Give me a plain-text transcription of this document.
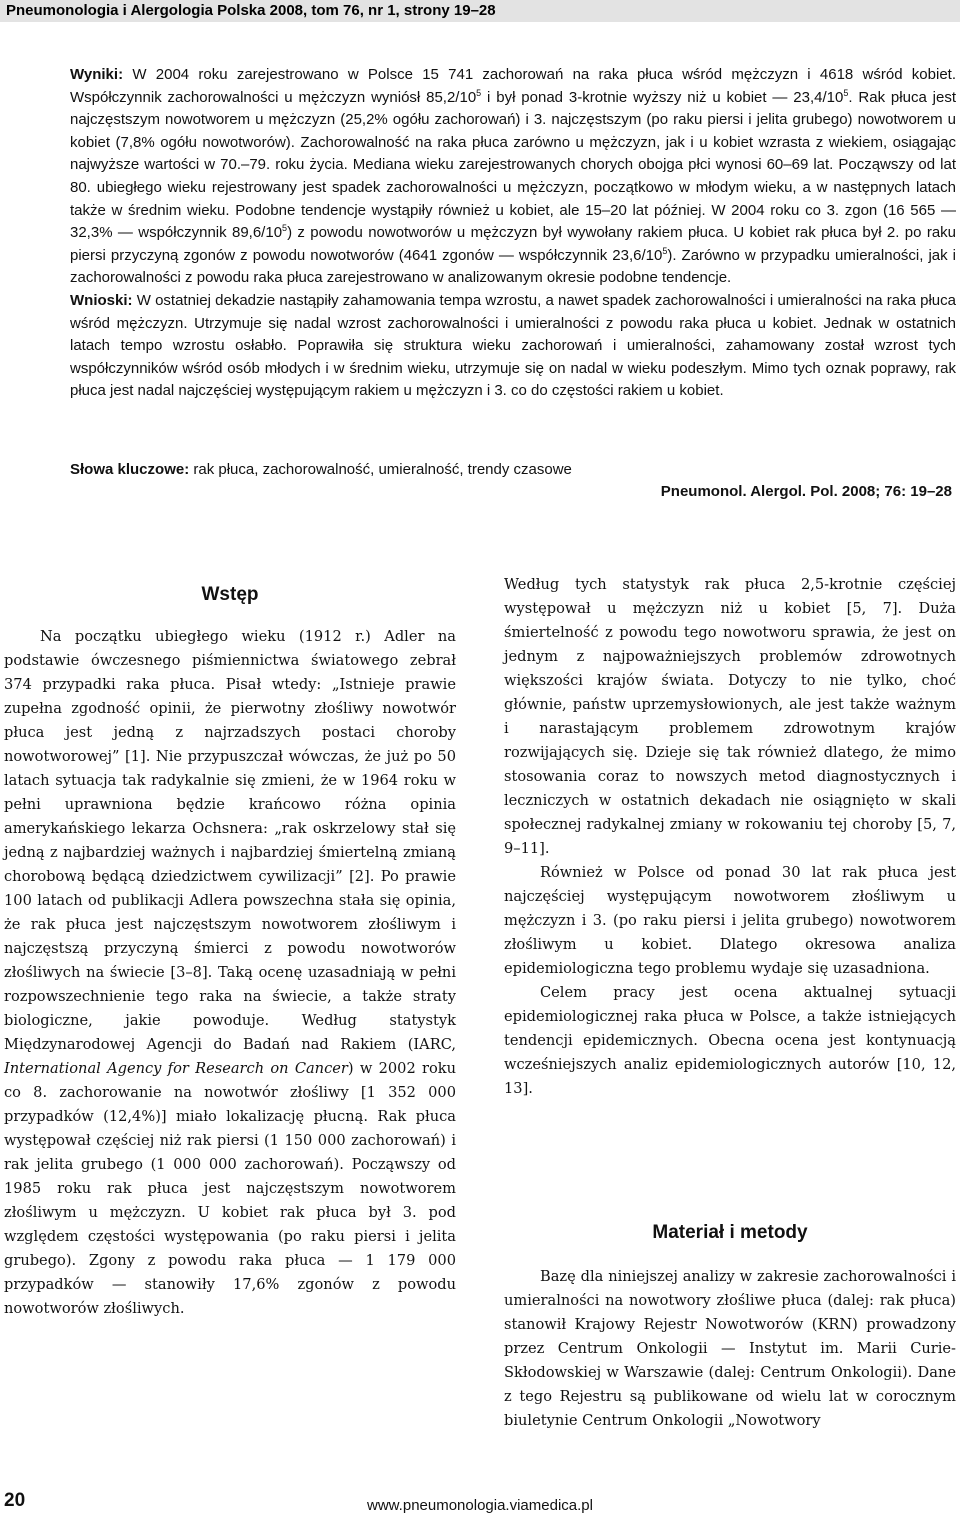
Pneumonologia i Alergologia Polska 2008, tom 76, nr 1, strony 19–28

Wyniki: W 2004 roku zarejestrowano w Polsce 15 741 zachorowań na raka płuca wśród mężczyzn i 4618 wśród kobiet. Współczynnik zachorowalności u mężczyzn wyniósł $85,2/10^5$ i był ponad 3-krotnie wyższy niż u kobiet — $23,4/10^5$. Rak płuca jest najczęstszym nowotworem u mężczyzn (25,2% ogółu zachorowań) i 3. najczęstszym (po raku piersi i jelita grubego) nowotworem u kobiet (7,8% ogółu nowotworów). Zachorowalność na raka płuca zarówno u mężczyzn, jak i u kobiet wzrasta z wiekiem, osiągając najwyższe wartości w 70.–79. roku życia. Mediana wieku zarejestrowanych chorych obojga płci wynosi 60–69 lat. Począwszy od lat 80. ubiegłego wieku rejestrowany jest spadek zachorowalności u mężczyzn, początkowo w młodym wieku, a w następnych latach także w średnim wieku. Podobne tendencje wystąpiły również u kobiet, ale 15–20 lat później. W 2004 roku co 3. zgon (16 565 — 32,3% — współczynnik $89,6/10^5$) z powodu nowotworów u mężczyzn był wywołany rakiem płuca. U kobiet rak płuca był 2. po raku piersi przyczyną zgonów z powodu nowotworów (4641 zgonów — współczynnik $23,6/10^5$). Zarówno w przypadku umieralności, jak i zachorowalności z powodu raka płuca zarejestrowano w analizowanym okresie podobne tendencje.

Wnioski: W ostatniej dekadzie nastąpiły zahamowania tempa wzrostu, a nawet spadek zachorowalności i umieralności na raka płuca wśród mężczyzn. Utrzymuje się nadal wzrost zachorowalności i umieralności z powodu raka płuca u kobiet. Jednak w ostatnich latach tempo wzrostu osłabło. Poprawiła się struktura wieku zachorowań i umieralności, zahamowany został wzrost tych współczynników wśród osób młodych i w średnim wieku, utrzymuje się on nadal w wieku podeszłym. Mimo tych oznak poprawy, rak płuca jest nadal najczęściej występującym rakiem u mężczyzn i 3. co do częstości rakiem u kobiet.

Słowa kluczowe: rak płuca, zachorowalność, umieralność, trendy czasowe
Pneumonol. Alergol. Pol. 2008; 76: 19–28
Wstęp

Na początku ubiegłego wieku (1912 r.) Adler na podstawie ówczesnego piśmiennictwa światowego zebrał 374 przypadki raka płuca. Pisał wtedy: „Istnieje prawie zupełna zgodność opinii, że pierwotny złośliwy nowotwór płuca jest jedną z najrzadszych postaci choroby nowotworowej” [1]. Nie przypuszczał wówczas, że już po 50 latach sytuacja tak radykalnie się zmieni, że w 1964 roku w pełni uprawniona będzie krańcowo różna opinia amerykańskiego lekarza Ochsnera: „rak oskrzelowy stał się jedną z najbardziej ważnych i najbardziej śmiertelną zmianą chorobową będącą dziedzictwem cywilizacji” [2]. Po prawie 100 latach od publikacji Adlera powszechna stała się opinia, że rak płuca jest najczęstszym nowotworem złośliwym i najczęstszą przyczyną śmierci z powodu nowotworów złośliwych na świecie [3–8]. Taką ocenę uzasadniają w pełni rozpowszechnienie tego raka na świecie, a także straty biologiczne, jakie powoduje. Według statystyk Międzynarodowej Agencji do Badań nad Rakiem (IARC, International Agency for Research on Cancer) w 2002 roku co 8. zachorowanie na nowotwór złośliwy [1 352 000 przypadków (12,4%)] miało lokalizację płucną. Rak płuca występował częściej niż rak piersi (1 150 000 zachorowań) i rak jelita grubego (1 000 000 zachorowań). Począwszy od 1985 roku rak płuca jest najczęstszym nowotworem złośliwym u mężczyzn. U kobiet rak płuca był 3. pod względem częstości występowania (po raku piersi i jelita grubego). Zgony z powodu raka płuca — 1 179 000 przypadków — stanowiły 17,6% zgonów z powodu nowotworów złośliwych.

Według tych statystyk rak płuca 2,5-krotnie częściej występował u mężczyzn niż u kobiet [5, 7]. Duża śmiertelność z powodu tego nowotworu sprawia, że jest on jednym z najpoważniejszych problemów zdrowotnych większości krajów świata. Dotyczy to nie tylko, choć głównie, państw uprzemysłowionych, ale jest także ważnym i narastającym problemem zdrowotnym krajów rozwijających się. Dzieje się tak również dlatego, że mimo stosowania coraz to nowszych metod diagnostycznych i leczniczych w ostatnich dekadach nie osiągnięto w skali społecznej radykalnej zmiany w rokowaniu tej choroby [5, 7, 9–11].

Również w Polsce od ponad 30 lat rak płuca jest najczęściej występującym nowotworem złośliwym u mężczyzn i 3. (po raku piersi i jelita grubego) nowotworem złośliwym u kobiet. Dlatego okresowa analiza epidemiologiczna tego problemu wydaje się uzasadniona.

Celem pracy jest ocena aktualnej sytuacji epidemiologicznej raka płuca w Polsce, a także istniejących tendencji epidemicznych. Obecna ocena jest kontynuacją wcześniejszych analiz epidemiologicznych autorów [10, 12, 13].

Materiał i metody

Bazę dla niniejszej analizy w zakresie zachorowalności i umieralności na nowotwory złośliwe płuca (dalej: rak płuca) stanowił Krajowy Rejestr Nowotworów (KRN) prowadzony przez Centrum Onkologii — Instytut im. Marii Curie-Skłodowskiej w Warszawie (dalej: Centrum Onkologii). Dane z tego Rejestru są publikowane od wielu lat w corocznym biuletynie Centrum Onkologii „Nowotwory

20	www.pneumonologia.viamedica.pl
